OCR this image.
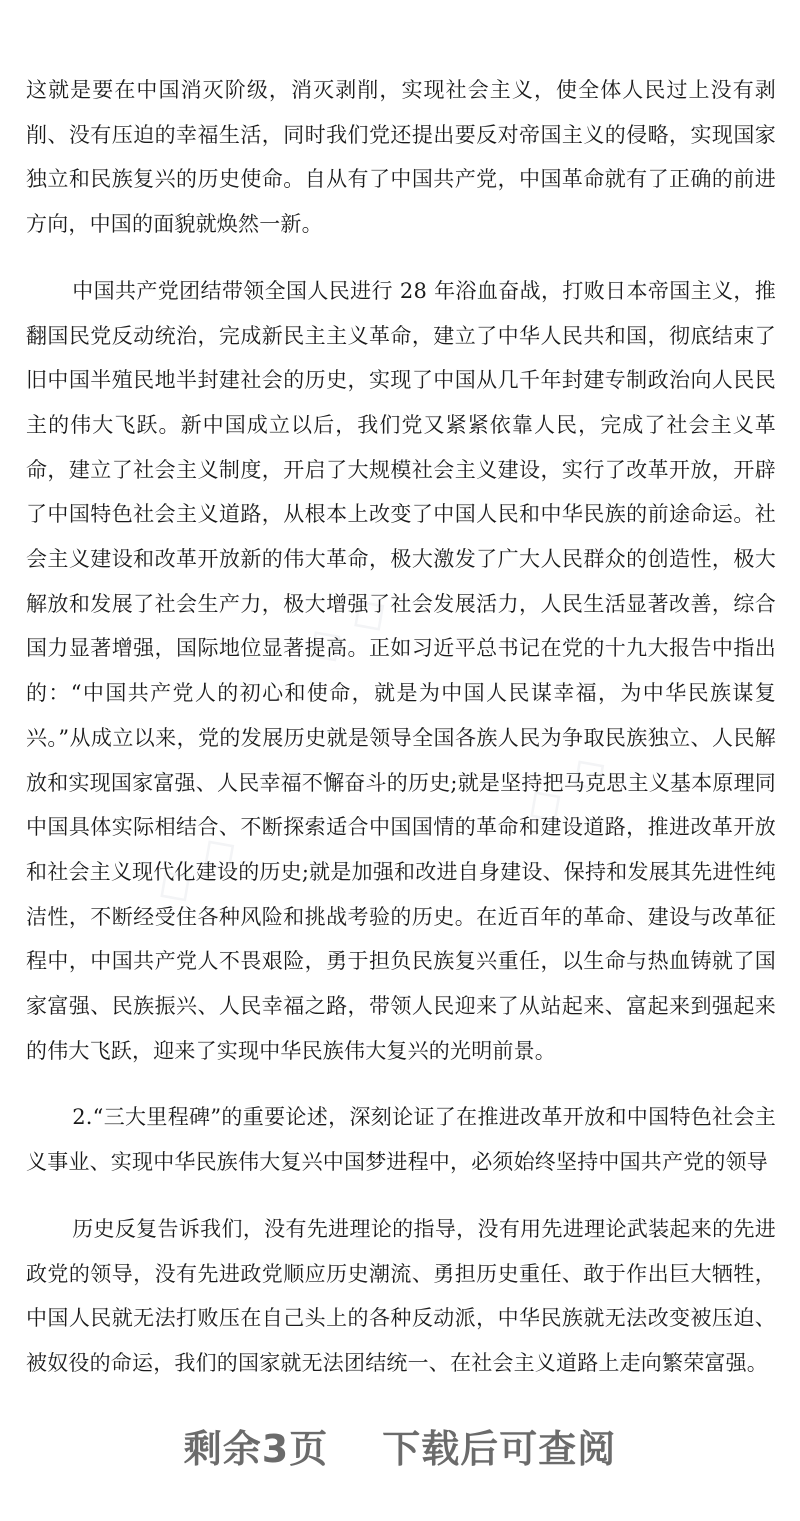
◇ ◇
◇ ◇
◇ ◇

这就是要在中国消灭阶级，消灭剥削，实现社会主义，使全体人民过上没有剥削、没有压迫的幸福生活，同时我们党还提出要反对帝国主义的侵略，实现国家独立和民族复兴的历史使命。自从有了中国共产党，中国革命就有了正确的前进方向，中国的面貌就焕然一新。

中国共产党团结带领全国人民进行 28 年浴血奋战，打败日本帝国主义，推翻国民党反动统治，完成新民主主义革命，建立了中华人民共和国，彻底结束了旧中国半殖民地半封建社会的历史，实现了中国从几千年封建专制政治向人民民主的伟大飞跃。新中国成立以后，我们党又紧紧依靠人民，完成了社会主义革命，建立了社会主义制度，开启了大规模社会主义建设，实行了改革开放，开辟了中国特色社会主义道路，从根本上改变了中国人民和中华民族的前途命运。社会主义建设和改革开放新的伟大革命，极大激发了广大人民群众的创造性，极大解放和发展了社会生产力，极大增强了社会发展活力，人民生活显著改善，综合国力显著增强，国际地位显著提高。正如习近平总书记在党的十九大报告中指出的：“中国共产党人的初心和使命，就是为中国人民谋幸福，为中华民族谋复兴。”从成立以来，党的发展历史就是领导全国各族人民为争取民族独立、人民解放和实现国家富强、人民幸福不懈奋斗的历史;就是坚持把马克思主义基本原理同中国具体实际相结合、不断探索适合中国国情的革命和建设道路，推进改革开放和社会主义现代化建设的历史;就是加强和改进自身建设、保持和发展其先进性纯洁性，不断经受住各种风险和挑战考验的历史。在近百年的革命、建设与改革征程中，中国共产党人不畏艰险，勇于担负民族复兴重任，以生命与热血铸就了国家富强、民族振兴、人民幸福之路，带领人民迎来了从站起来、富起来到强起来的伟大飞跃，迎来了实现中华民族伟大复兴的光明前景。

2.“三大里程碑”的重要论述，深刻论证了在推进改革开放和中国特色社会主义事业、实现中华民族伟大复兴中国梦进程中，必须始终坚持中国共产党的领导

历史反复告诉我们，没有先进理论的指导，没有用先进理论武装起来的先进政党的领导，没有先进政党顺应历史潮流、勇担历史重任、敢于作出巨大牺牲，中国人民就无法打败压在自己头上的各种反动派，中华民族就无法改变被压迫、被奴役的命运，我们的国家就无法团结统一、在社会主义道路上走向繁荣富强。

剩余3页 下载后可查阅
